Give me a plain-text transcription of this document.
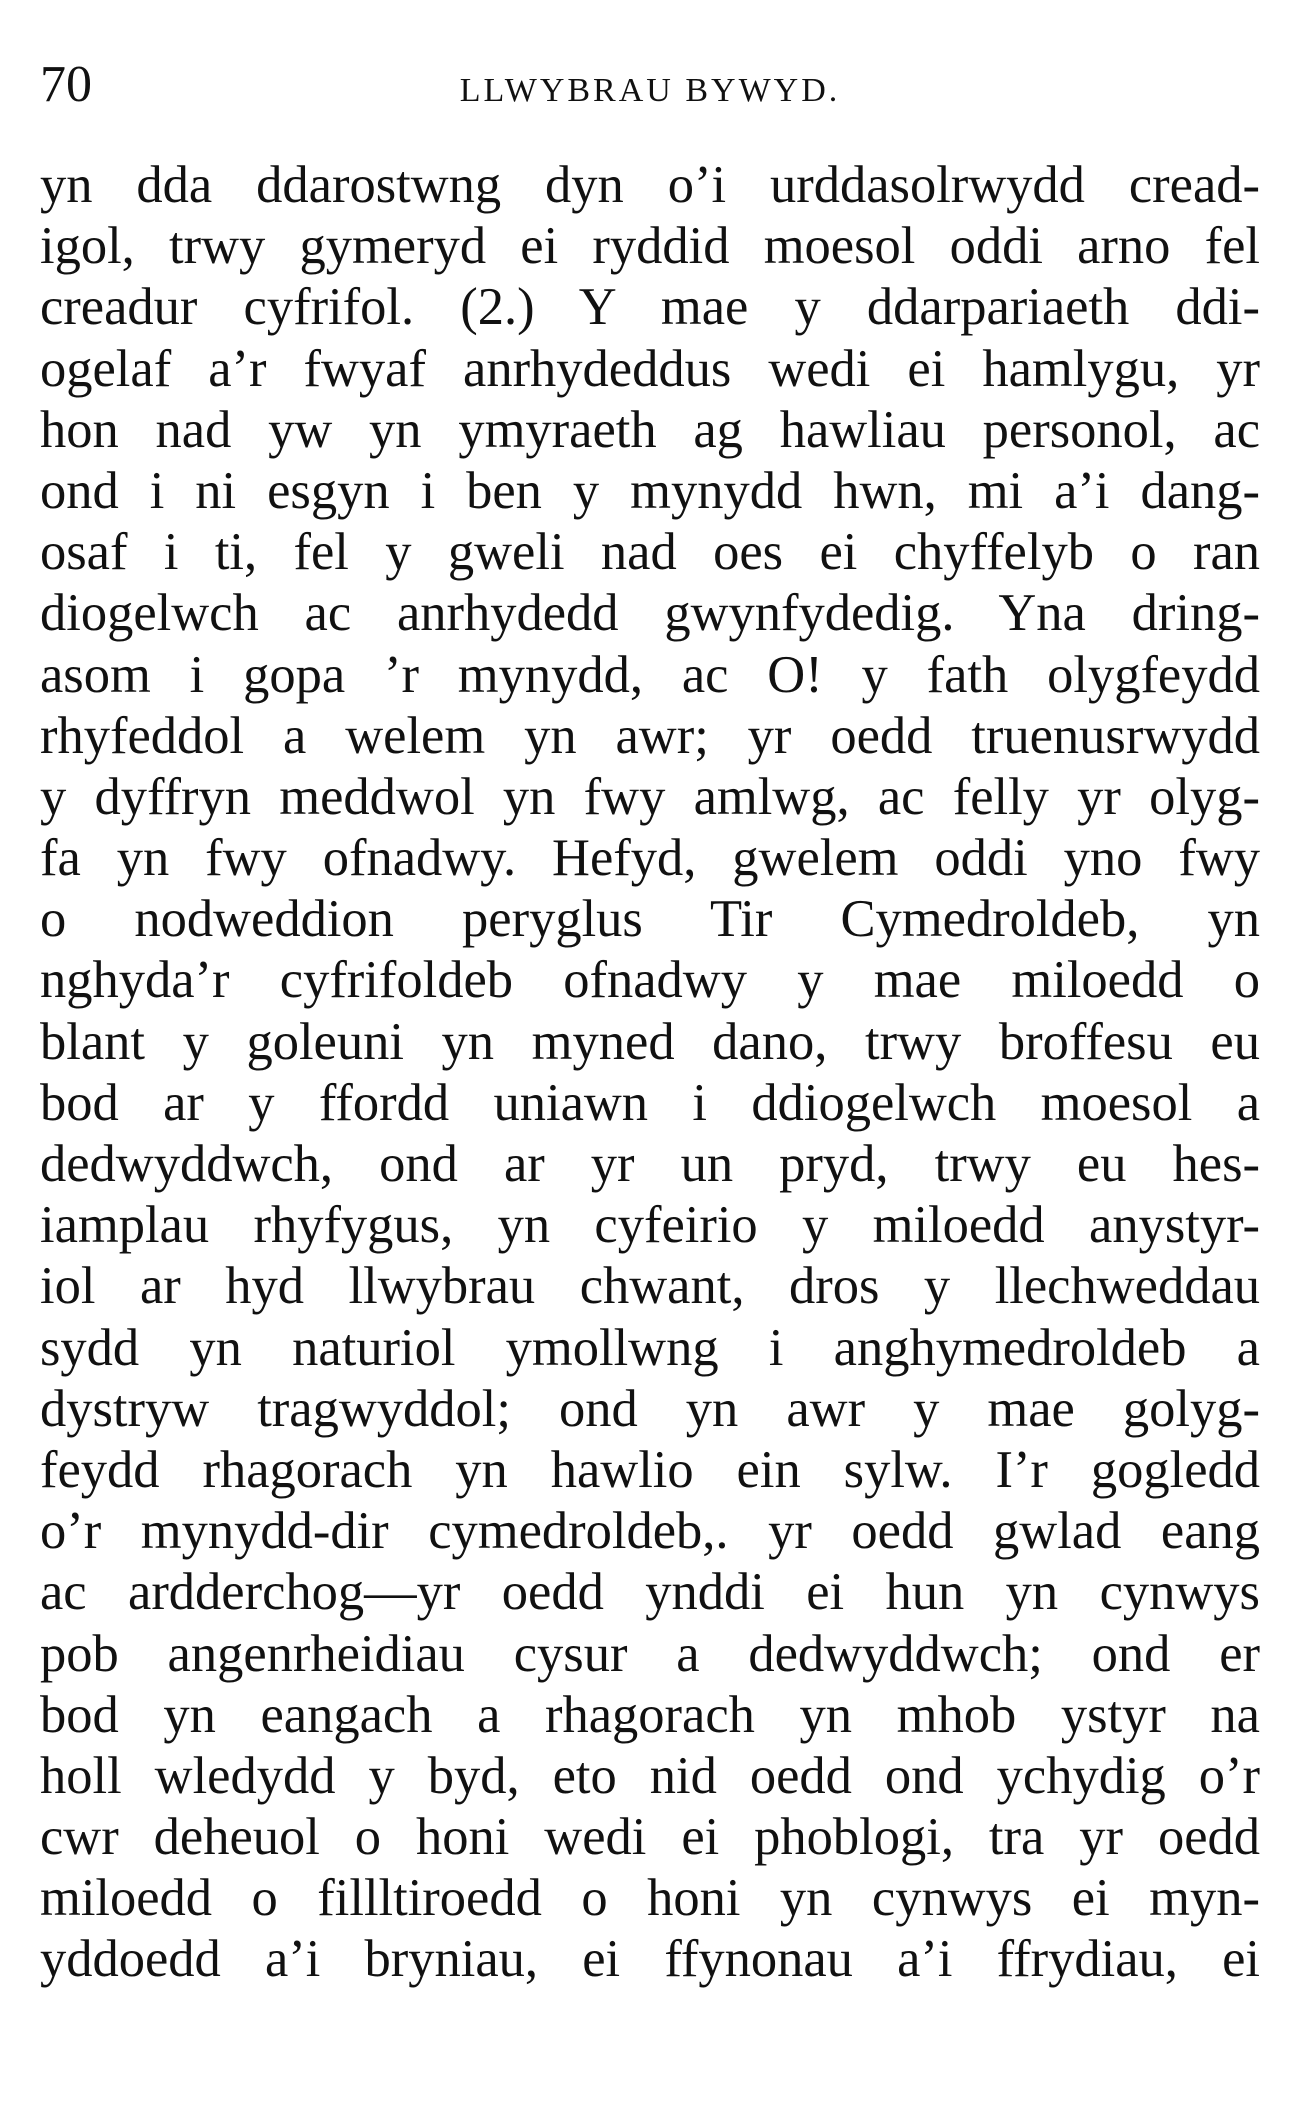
70	LLWYBRAU BYWYD.
yn dda ddarostwng dyn o’i urddasolrwydd cread-
igol, trwy gymeryd ei ryddid moesol oddi arno fel
creadur cyfrifol. (2.) Y mae y ddarpariaeth ddi-
ogelaf a’r fwyaf anrhydeddus wedi ei hamlygu, yr
hon nad yw yn ymyraeth ag hawliau personol, ac
ond i ni esgyn i ben y mynydd hwn, mi a’i dang-
osaf i ti, fel y gweli nad oes ei chyffelyb o ran
diogelwch ac anrhydedd gwynfydedig. Yna dring-
asom i gopa ’r mynydd, ac O! y fath olygfeydd
rhyfeddol a welem yn awr; yr oedd truenusrwydd
y dyffryn meddwol yn fwy amlwg, ac felly yr olyg-
fa yn fwy ofnadwy. Hefyd, gwelem oddi yno fwy
o nodweddion peryglus Tir Cymedroldeb, yn
nghyda’r cyfrifoldeb ofnadwy y mae miloedd o
blant y goleuni yn myned dano, trwy broffesu eu
bod ar y ffordd uniawn i ddiogelwch moesol a
dedwyddwch, ond ar yr un pryd, trwy eu hes-
iamplau rhyfygus, yn cyfeirio y miloedd anystyr-
iol ar hyd llwybrau chwant, dros y llechweddau
sydd yn naturiol ymollwng i anghymedroldeb a
dystryw tragwyddol; ond yn awr y mae golyg-
feydd rhagorach yn hawlio ein sylw. I’r gogledd
o’r mynydd-dir cymedroldeb,. yr oedd gwlad eang
ac ardderchog—yr oedd ynddi ei hun yn cynwys
pob angenrheidiau cysur a dedwyddwch; ond er
bod yn eangach a rhagorach yn mhob ystyr na
holl wledydd y byd, eto nid oedd ond ychydig o’r
cwr deheuol o honi wedi ei phoblogi, tra yr oedd
miloedd o fillltiroedd o honi yn cynwys ei myn-
yddoedd a’i bryniau, ei ffynonau a’i ffrydiau, ei
